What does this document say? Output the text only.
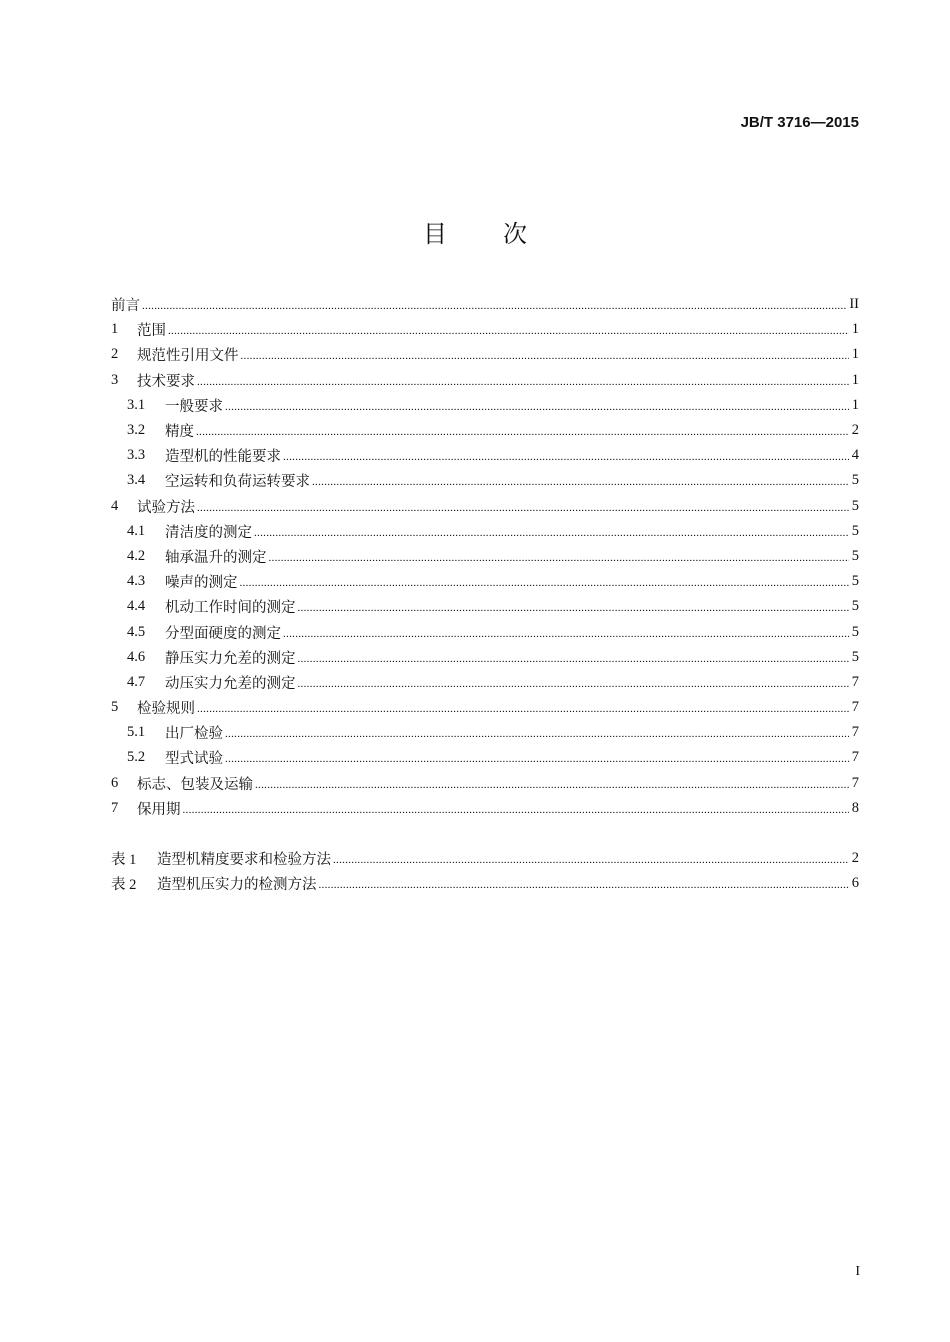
JB/T 3716—2015
目 次
前言 .....	II
1	范围 .....	1
2	规范性引用文件 .....	1
3	技术要求 .....	1
3.1	一般要求 .....	1
3.2	精度 .....	2
3.3	造型机的性能要求 .....	4
3.4	空运转和负荷运转要求 .....	5
4	试验方法 .....	5
4.1	清洁度的测定 .....	5
4.2	轴承温升的测定 .....	5
4.3	噪声的测定 .....	5
4.4	机动工作时间的测定 .....	5
4.5	分型面硬度的测定 .....	5
4.6	静压实力允差的测定 .....	5
4.7	动压实力允差的测定 .....	7
5	检验规则 .....	7
5.1	出厂检验 .....	7
5.2	型式试验 .....	7
6	标志、包装及运输 .....	7
7	保用期 .....	8
表 1	造型机精度要求和检验方法 .....	2
表 2	造型机压实力的检测方法 .....	6
I
